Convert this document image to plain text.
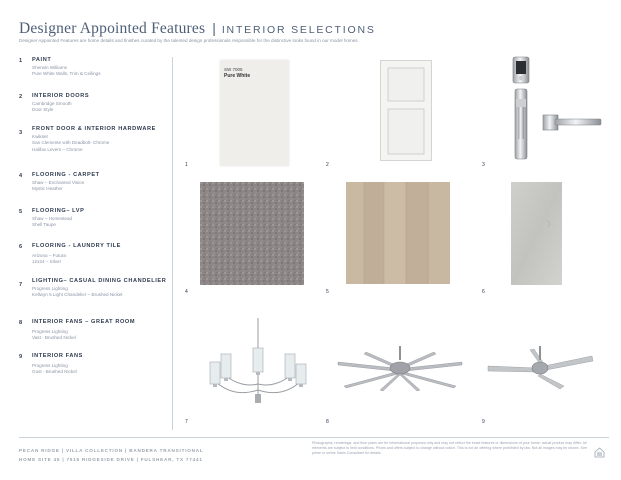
Designer Appointed Features | INTERIOR SELECTIONS
Designer Appointed Features are home details and finishes curated by the talented design professionals responsible for the distinctive looks found in our model homes.
1	PAINT
Sherwin Williams
Pure White Walls, Trim & Ceilings
2	INTERIOR DOORS
Cambridge Smooth
Door Style
3
FRONT DOOR & INTERIOR HARDWARE
Kwikset
San Clemente with Deadbolt- Chrome
Halifax Levers – Chrome
4	FLOORING - CARPET
Shaw – Enchanted Vision
Mystic Heather
5	FLOORING– LVP
Shaw – Homestead
Shell Taupe
6	FLOORING - LAUNDRY TILE
Arizona – Futura
12x24 – Silver
7
LIGHTING– CASUAL DINING CHANDELIER
Progress Lighting
Kellwyn 5 Light Chandelier – Brushed Nickel
8	INTERIOR FANS – GREAT ROOM
Progress Lighting
Vast - Brushed Nickel
9	INTERIOR FANS
Progress Lighting
Gust - Brushed Nickel
SW 7005
Pure White
1	2	3
4	5	6
7	8	9
PECAN RIDGE | VILLA COLLECTION | BANDERA TRANSITIONAL
HOME SITE 45 | 7515 RIDGESIDE DRIVE | FULSHEAR, TX 77441
Photographs, renderings, and floor plans are for informational purposes only and may not reflect the exact features or dimensions of your home; actual product may differ. All elements are subject to field conditions. Prices and offers subject to change without notice. This is not an offering where prohibited by law. Not all images may be shown. See prime or online Sales Consultant for details.
